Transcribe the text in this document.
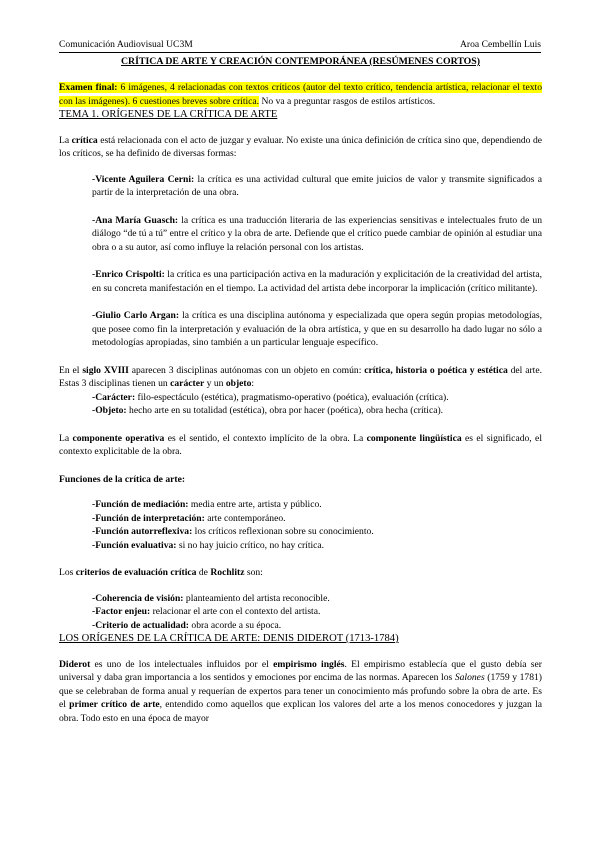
Comunicación Audiovisual UC3M	Aroa Cembellín Luis

CRÍTICA DE ARTE Y CREACIÓN CONTEMPORÁNEA (RESÚMENES CORTOS)

Examen final: 6 imágenes, 4 relacionadas con textos críticos (autor del texto crítico, tendencia artística, relacionar el texto con las imágenes). 6 cuestiones breves sobre crítica. No va a preguntar rasgos de estilos artísticos.

TEMA 1. ORÍGENES DE LA CRÍTICA DE ARTE

La crítica está relacionada con el acto de juzgar y evaluar. No existe una única definición de crítica sino que, dependiendo de los críticos, se ha definido de diversas formas:

-Vicente Aguilera Cerni: la crítica es una actividad cultural que emite juicios de valor y transmite significados a partir de la interpretación de una obra.

-Ana María Guasch: la crítica es una traducción literaria de las experiencias sensitivas e intelectuales fruto de un diálogo “de tú a tú” entre el crítico y la obra de arte. Defiende que el crítico puede cambiar de opinión al estudiar una obra o a su autor, así como influye la relación personal con los artistas.

-Enrico Crispolti: la crítica es una participación activa en la maduración y explicitación de la creatividad del artista, en su concreta manifestación en el tiempo. La actividad del artista debe incorporar la implicación (crítico militante).

-Giulio Carlo Argan: la crítica es una disciplina autónoma y especializada que opera según propias metodologías, que posee como fin la interpretación y evaluación de la obra artística, y que en su desarrollo ha dado lugar no sólo a metodologías apropiadas, sino también a un particular lenguaje específico.

En el siglo XVIII aparecen 3 disciplinas autónomas con un objeto en común: crítica, historia o poética y estética del arte. Estas 3 disciplinas tienen un carácter y un objeto:

-Carácter: filo-espectáculo (estética), pragmatismo-operativo (poética), evaluación (crítica).

-Objeto: hecho arte en su totalidad (estética), obra por hacer (poética), obra hecha (crítica).

La componente operativa es el sentido, el contexto implícito de la obra. La componente lingüística es el significado, el contexto explicitable de la obra.

Funciones de la crítica de arte:

-Función de mediación: media entre arte, artista y público.

-Función de interpretación: arte contemporáneo.

-Función autorreflexiva: los críticos reflexionan sobre su conocimiento.

-Función evaluativa: si no hay juicio crítico, no hay crítica.

Los criterios de evaluación crítica de Rochlitz son:

-Coherencia de visión: planteamiento del artista reconocible.

-Factor enjeu: relacionar el arte con el contexto del artista.

-Criterio de actualidad: obra acorde a su época.

LOS ORÍGENES DE LA CRÍTICA DE ARTE: DENIS DIDEROT (1713-1784)

Diderot es uno de los intelectuales influidos por el empirismo inglés. El empirismo establecía que el gusto debía ser universal y daba gran importancia a los sentidos y emociones por encima de las normas. Aparecen los Salones (1759 y 1781) que se celebraban de forma anual y requerían de expertos para tener un conocimiento más profundo sobre la obra de arte. Es el primer crítico de arte, entendido como aquellos que explican los valores del arte a los menos conocedores y juzgan la obra. Todo esto en una época de mayor
